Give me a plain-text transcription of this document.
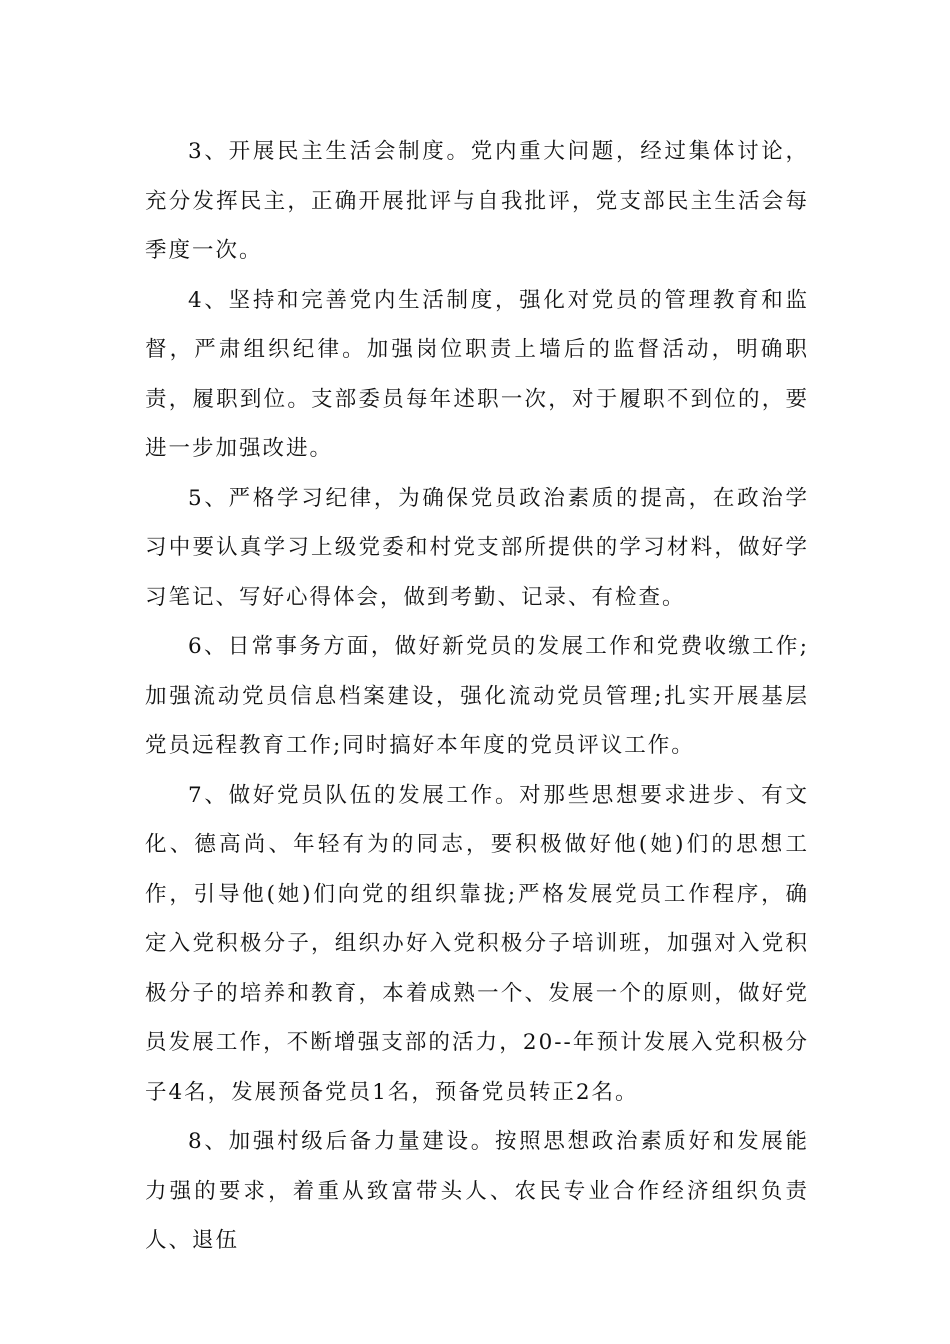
3、开展民主生活会制度。党内重大问题，经过集体讨论，充分发挥民主，正确开展批评与自我批评，党支部民主生活会每季度一次。

4、坚持和完善党内生活制度，强化对党员的管理教育和监督，严肃组织纪律。加强岗位职责上墙后的监督活动，明确职责，履职到位。支部委员每年述职一次，对于履职不到位的，要进一步加强改进。

5、严格学习纪律，为确保党员政治素质的提高，在政治学习中要认真学习上级党委和村党支部所提供的学习材料，做好学习笔记、写好心得体会，做到考勤、记录、有检查。

6、日常事务方面，做好新党员的发展工作和党费收缴工作;加强流动党员信息档案建设，强化流动党员管理;扎实开展基层党员远程教育工作;同时搞好本年度的党员评议工作。

7、做好党员队伍的发展工作。对那些思想要求进步、有文化、德高尚、年轻有为的同志，要积极做好他(她)们的思想工作，引导他(她)们向党的组织靠拢;严格发展党员工作程序，确定入党积极分子，组织办好入党积极分子培训班，加强对入党积极分子的培养和教育，本着成熟一个、发展一个的原则，做好党员发展工作，不断增强支部的活力，20--年预计发展入党积极分子4名，发展预备党员1名，预备党员转正2名。

8、加强村级后备力量建设。按照思想政治素质好和发展能力强的要求，着重从致富带头人、农民专业合作经济组织负责人、退伍
